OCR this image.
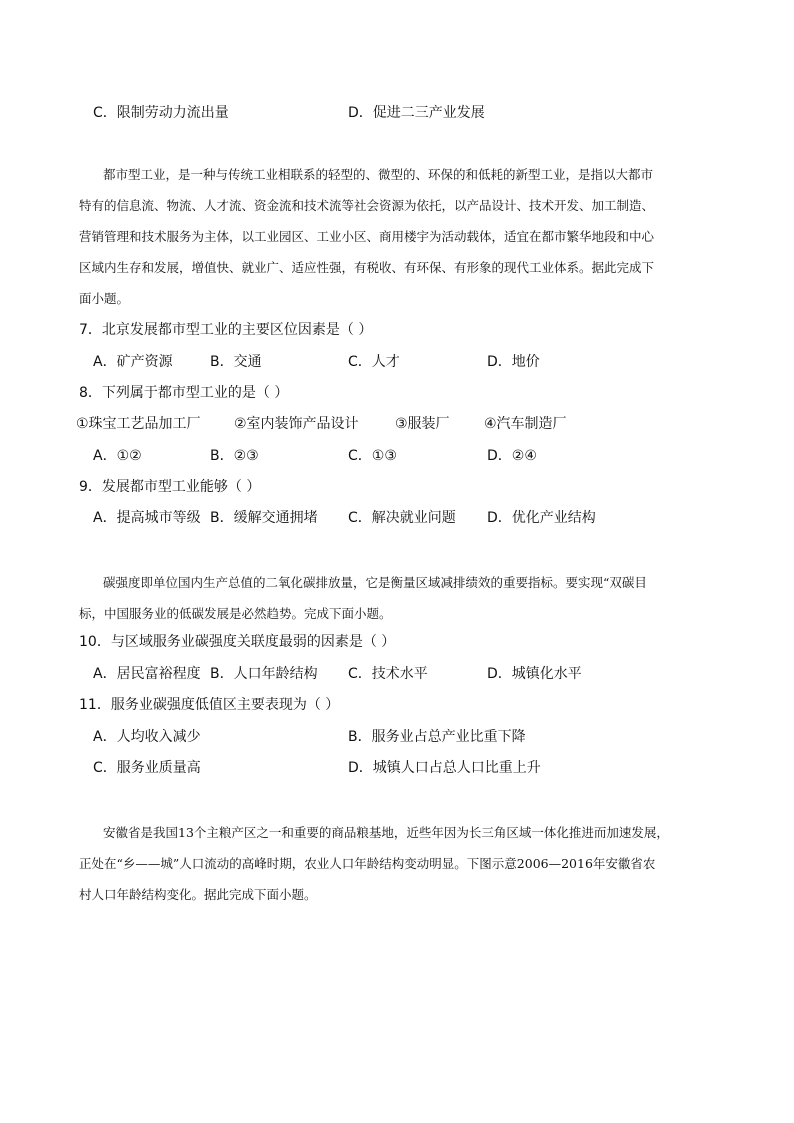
C．限制劳动力流出量	D．促进二三产业发展
都市型工业，是一种与传统工业相联系的轻型的、微型的、环保的和低耗的新型工业，是指以大都市
特有的信息流、物流、人才流、资金流和技术流等社会资源为依托，以产品设计、技术开发、加工制造、
营销管理和技术服务为主体，以工业园区、工业小区、商用楼宇为活动载体，适宜在都市繁华地段和中心
区域内生存和发展，增值快、就业广、适应性强，有税收、有环保、有形象的现代工业体系。据此完成下
面小题。
7．北京发展都市型工业的主要区位因素是（ ）
A．矿产资源	B．交通	C．人才	D．地价
8．下列属于都市型工业的是（ ）
①珠宝工艺品加工厂 ②室内装饰产品设计	③服装厂 ④汽车制造厂
A．①②	B．②③	C．①③	D．②④
9．发展都市型工业能够（ ）
A．提高城市等级 B．缓解交通拥堵 C．解决就业问题 D．优化产业结构
碳强度即单位国内生产总值的二氧化碳排放量，它是衡量区域减排绩效的重要指标。要实现“双碳目
标，中国服务业的低碳发展是必然趋势。完成下面小题。
10．与区域服务业碳强度关联度最弱的因素是（ ）
A．居民富裕程度 B．人口年龄结构 C．技术水平	D．城镇化水平
11．服务业碳强度低值区主要表现为（ ）
A．人均收入减少	B．服务业占总产业比重下降
C．服务业质量高	D．城镇人口占总人口比重上升
安徽省是我国13个主粮产区之一和重要的商品粮基地，近些年因为长三角区域一体化推进而加速发展，
正处在“乡——城”人口流动的高峰时期，农业人口年龄结构变动明显。下图示意2006—2016年安徽省农
村人口年龄结构变化。据此完成下面小题。
